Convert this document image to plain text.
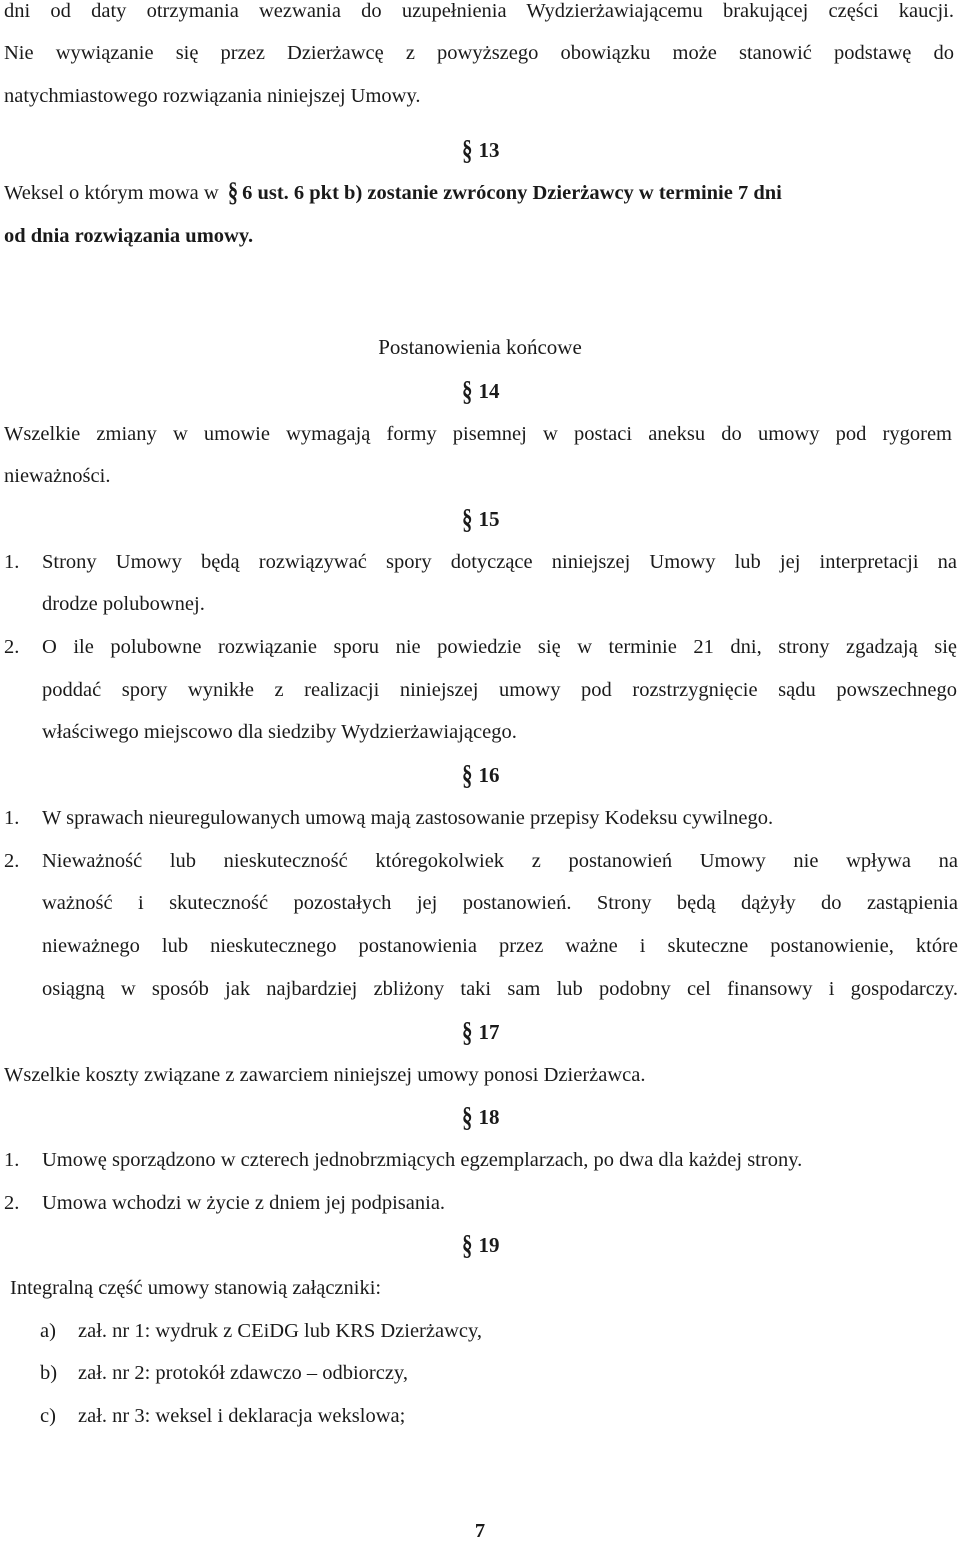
dni od daty otrzymania wezwania do uzupełnienia Wydzierżawiającemu brakującej części kaucji.
Nie wywiązanie się przez Dzierżawcę z powyższego obowiązku może stanowić podstawę do
natychmiastowego rozwiązania niniejszej Umowy.
§ 13
Weksel o którym mowa w § 6 ust. 6 pkt b) zostanie zwrócony Dzierżawcy w terminie 7 dni
od dnia rozwiązania umowy.
Postanowienia końcowe
§ 14
Wszelkie zmiany w umowie wymagają formy pisemnej w postaci aneksu do umowy pod rygorem
nieważności.
§ 15
1. Strony Umowy będą rozwiązywać spory dotyczące niniejszej Umowy lub jej interpretacji na
drodze polubownej.
2. O ile polubowne rozwiązanie sporu nie powiedzie się w terminie 21 dni, strony zgadzają się
poddać spory wynikłe z realizacji niniejszej umowy pod rozstrzygnięcie sądu powszechnego
właściwego miejscowo dla siedziby Wydzierżawiającego.
§ 16
1. W sprawach nieuregulowanych umową mają zastosowanie przepisy Kodeksu cywilnego.
2. Nieważność lub nieskuteczność któregokolwiek z postanowień Umowy nie wpływa na
ważność i skuteczność pozostałych jej postanowień. Strony będą dążyły do zastąpienia
nieważnego lub nieskutecznego postanowienia przez ważne i skuteczne postanowienie, które
osiągną w sposób jak najbardziej zbliżony taki sam lub podobny cel finansowy i gospodarczy.
§ 17
Wszelkie koszty związane z zawarciem niniejszej umowy ponosi Dzierżawca.
§ 18
1. Umowę sporządzono w czterech jednobrzmiących egzemplarzach, po dwa dla każdej strony.
2. Umowa wchodzi w życie z dniem jej podpisania.
§ 19
Integralną część umowy stanowią załączniki:
a) zał. nr 1: wydruk z CEiDG lub KRS Dzierżawcy,
b) zał. nr 2: protokół zdawczo – odbiorczy,
c) zał. nr 3: weksel i deklaracja wekslowa;
7
